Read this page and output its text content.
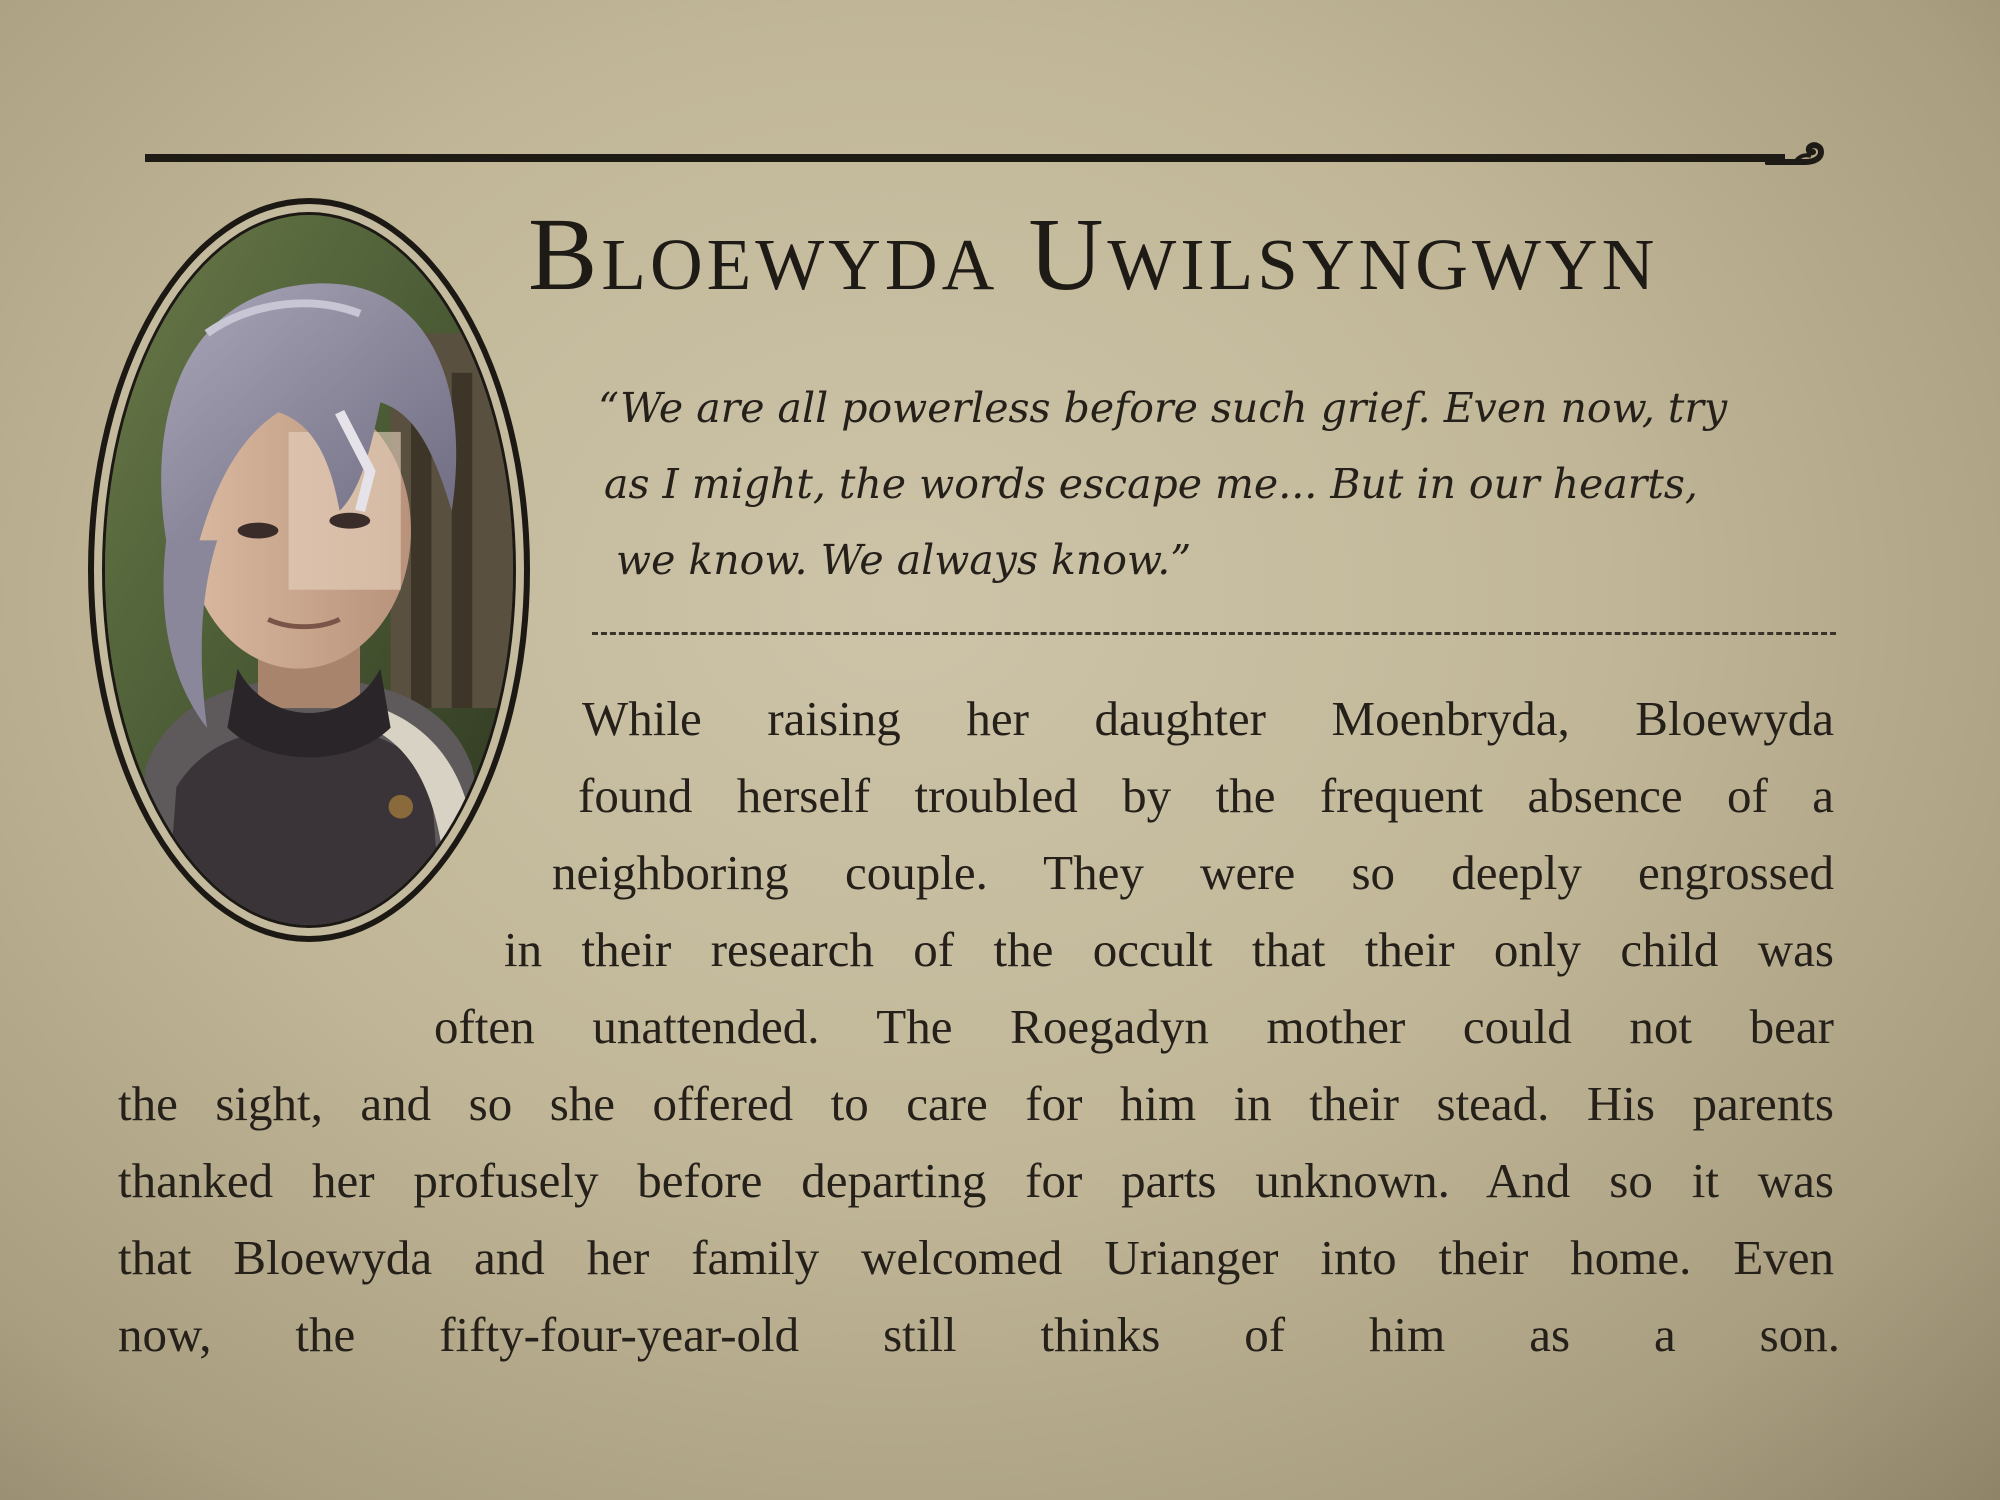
Bloewyda Uwilsyngwyn
“We are all powerless before such grief. Even now, try
as I might, the words escape me... But in our hearts,
we know. We always know.”
While raising her daughter Moenbryda, Bloewyda
found herself troubled by the frequent absence of a
neighboring couple. They were so deeply engrossed
in their research of the occult that their only child was
often unattended. The Roegadyn mother could not bear
the sight, and so she offered to care for him in their stead. His parents
thanked her profusely before departing for parts unknown. And so it was
that Bloewyda and her family welcomed Urianger into their home. Even
now, the fifty-four-year-old still thinks of him as a son.
